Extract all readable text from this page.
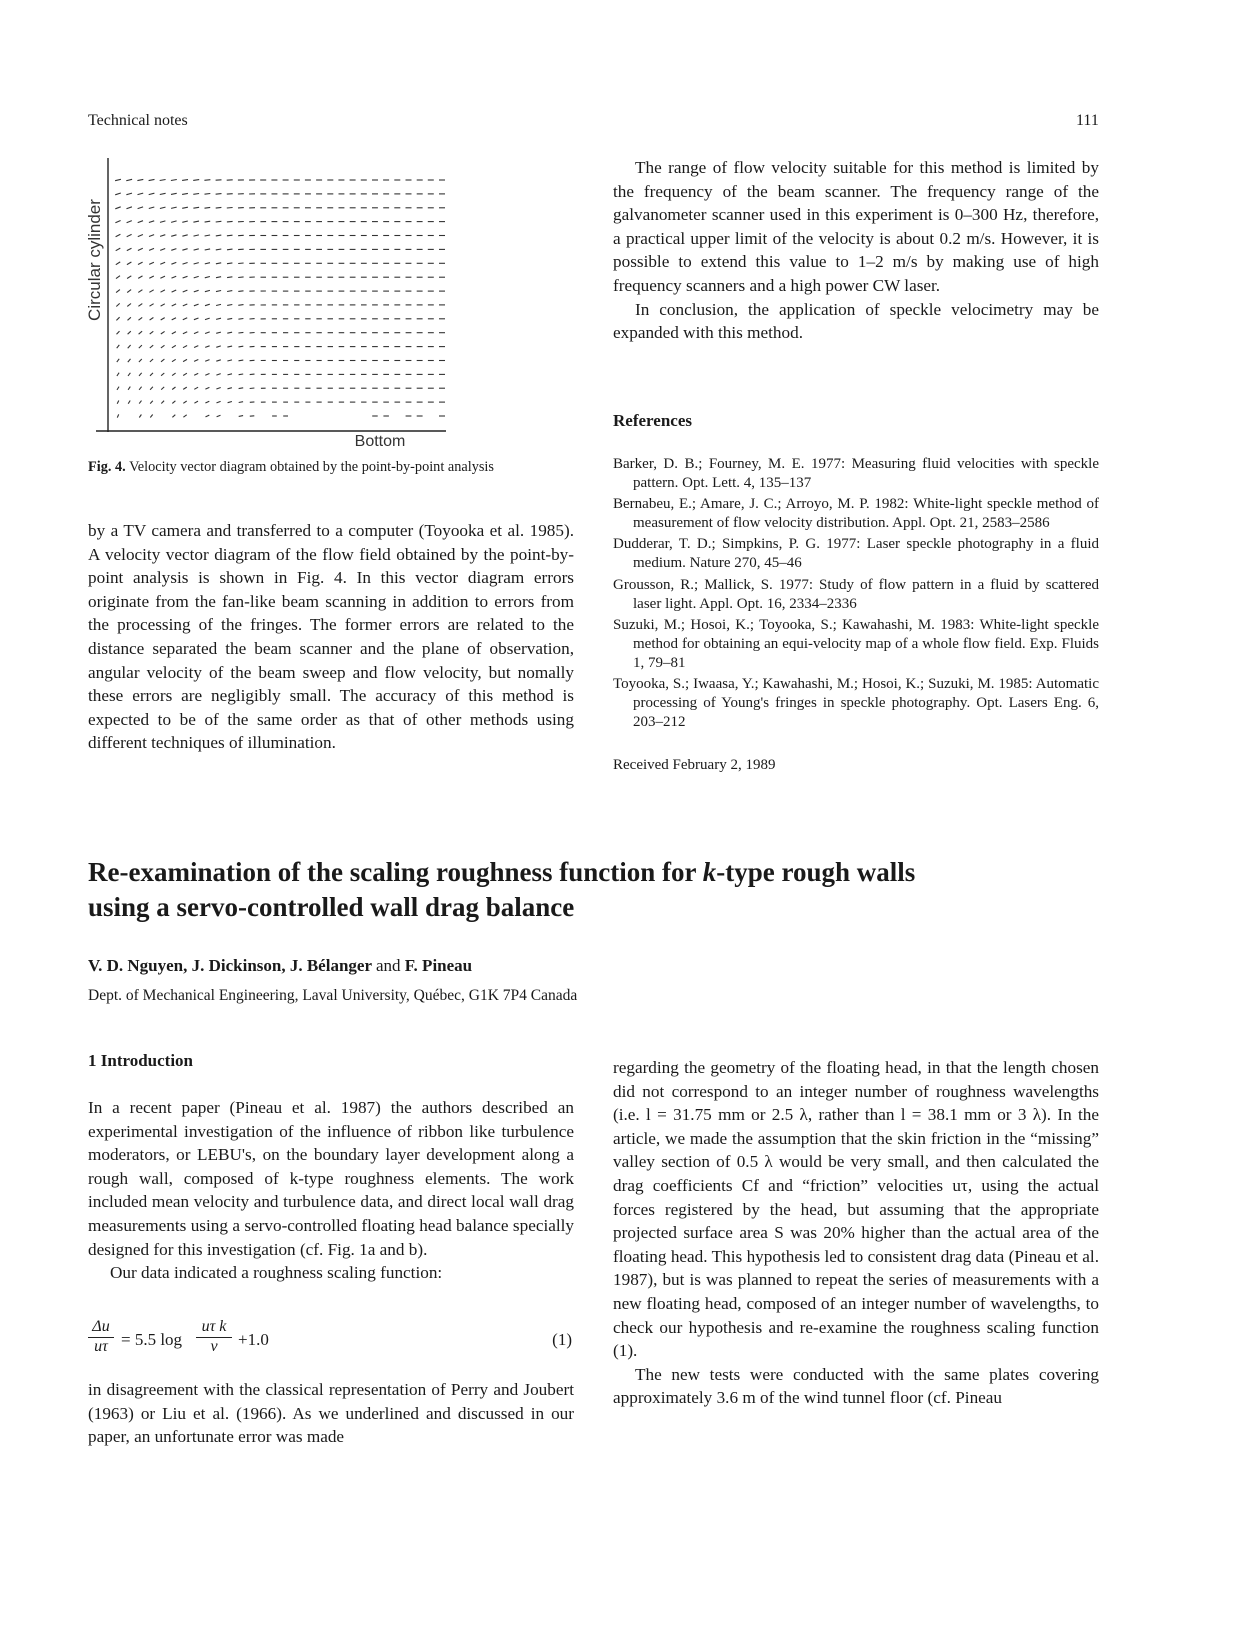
Technical notes	111
Circular cylinder
Bottom
Fig. 4. Velocity vector diagram obtained by the point-by-point analysis

by a TV camera and transferred to a computer (Toyooka et al. 1985). A velocity vector diagram of the flow field obtained by the point-by-point analysis is shown in Fig. 4. In this vector diagram errors originate from the fan-like beam scanning in addition to errors from the processing of the fringes. The former errors are related to the distance separated the beam scanner and the plane of observation, angular velocity of the beam sweep and flow velocity, but nomally these errors are negligibly small. The accuracy of this method is expected to be of the same order as that of other methods using different techniques of illumination.

The range of flow velocity suitable for this method is limited by the frequency of the beam scanner. The frequency range of the galvanometer scanner used in this experiment is 0–300 Hz, therefore, a practical upper limit of the velocity is about 0.2 m/s. However, it is possible to extend this value to 1–2 m/s by making use of high frequency scanners and a high power CW laser.

In conclusion, the application of speckle velocimetry may be expanded with this method.

References

Barker, D. B.; Fourney, M. E. 1977: Measuring fluid velocities with speckle pattern. Opt. Lett. 4, 135–137

Bernabeu, E.; Amare, J. C.; Arroyo, M. P. 1982: White-light speckle method of measurement of flow velocity distribution. Appl. Opt. 21, 2583–2586

Dudderar, T. D.; Simpkins, P. G. 1977: Laser speckle photography in a fluid medium. Nature 270, 45–46

Grousson, R.; Mallick, S. 1977: Study of flow pattern in a fluid by scattered laser light. Appl. Opt. 16, 2334–2336

Suzuki, M.; Hosoi, K.; Toyooka, S.; Kawahashi, M. 1983: White-light speckle method for obtaining an equi-velocity map of a whole flow field. Exp. Fluids 1, 79–81

Toyooka, S.; Iwaasa, Y.; Kawahashi, M.; Hosoi, K.; Suzuki, M. 1985: Automatic processing of Young's fringes in speckle photography. Opt. Lasers Eng. 6, 203–212

Received February 2, 1989
Re-examination of the scaling roughness function for k-type rough walls
using a servo-controlled wall drag balance
V. D. Nguyen, J. Dickinson, J. Bélanger and F. Pineau
Dept. of Mechanical Engineering, Laval University, Québec, G1K 7P4 Canada
1 Introduction

In a recent paper (Pineau et al. 1987) the authors described an experimental investigation of the influence of ribbon like turbulence moderators, or LEBU's, on the boundary layer development along a rough wall, composed of k-type roughness elements. The work included mean velocity and turbulence data, and direct local wall drag measurements using a servo-controlled floating head balance specially designed for this investigation (cf. Fig. 1a and b).

Our data indicated a roughness scaling function:

$\frac{\Delta u}{u\tau} = 5.5$ $\log \frac{\text{uτ k}}{\nu} +1.0$	(1)

in disagreement with the classical representation of Perry and Joubert (1963) or Liu et al. (1966). As we underlined and discussed in our paper, an unfortunate error was made

regarding the geometry of the floating head, in that the length chosen did not correspond to an integer number of roughness wavelengths (i.e. l = 31.75 mm or 2.5 λ, rather than l = 38.1 mm or 3 λ). In the article, we made the assumption that the skin friction in the “missing” valley section of 0.5 λ would be very small, and then calculated the drag coefficients Cf and “friction” velocities uτ, using the actual forces registered by the head, but assuming that the appropriate projected surface area S was 20% higher than the actual area of the floating head. This hypothesis led to consistent drag data (Pineau et al. 1987), but is was planned to repeat the series of measurements with a new floating head, composed of an integer number of wavelengths, to check our hypothesis and re-examine the roughness scaling function (1).

The new tests were conducted with the same plates covering approximately 3.6 m of the wind tunnel floor (cf. Pineau
